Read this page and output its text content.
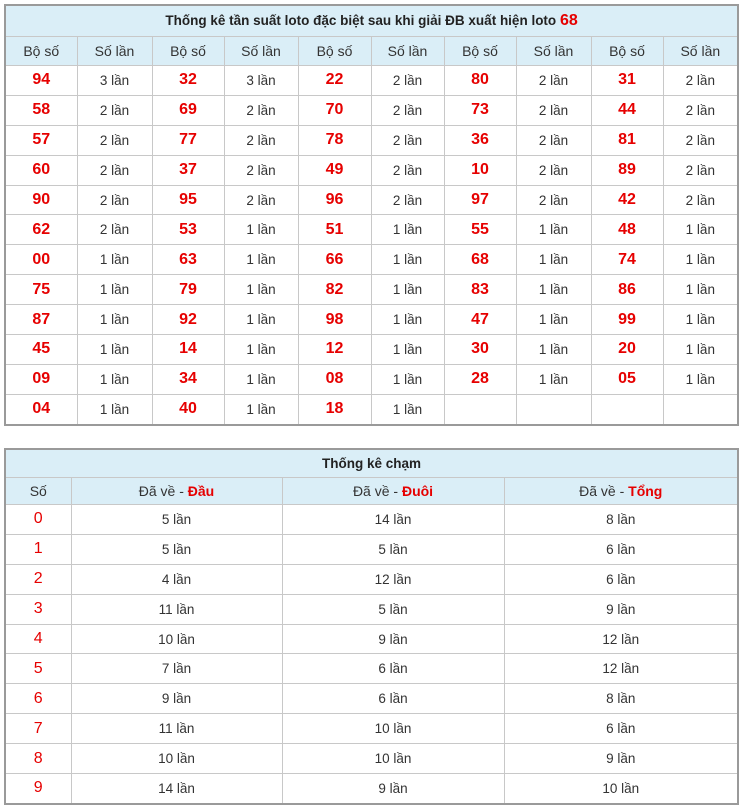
Thống kê tần suất loto đặc biệt sau khi giải ĐB xuất hiện loto 68									
Bộ số	Số lần	Bộ số	Số lần	Bộ số	Số lần	Bộ số	Số lần	Bộ số	Số lần
94	3 lần	32	3 lần	22	2 lần	80	2 lần	31	2 lần
58	2 lần	69	2 lần	70	2 lần	73	2 lần	44	2 lần
57	2 lần	77	2 lần	78	2 lần	36	2 lần	81	2 lần
60	2 lần	37	2 lần	49	2 lần	10	2 lần	89	2 lần
90	2 lần	95	2 lần	96	2 lần	97	2 lần	42	2 lần
62	2 lần	53	1 lần	51	1 lần	55	1 lần	48	1 lần
00	1 lần	63	1 lần	66	1 lần	68	1 lần	74	1 lần
75	1 lần	79	1 lần	82	1 lần	83	1 lần	86	1 lần
87	1 lần	92	1 lần	98	1 lần	47	1 lần	99	1 lần
45	1 lần	14	1 lần	12	1 lần	30	1 lần	20	1 lần
09	1 lần	34	1 lần	08	1 lần	28	1 lần	05	1 lần
04	1 lần	40	1 lần	18	1 lần				
Thống kê chạm			
Số	Đã về - Đầu	Đã về - Đuôi	Đã về - Tổng
0	5 lần	14 lần	8 lần
1	5 lần	5 lần	6 lần
2	4 lần	12 lần	6 lần
3	11 lần	5 lần	9 lần
4	10 lần	9 lần	12 lần
5	7 lần	6 lần	12 lần
6	9 lần	6 lần	8 lần
7	11 lần	10 lần	6 lần
8	10 lần	10 lần	9 lần
9	14 lần	9 lần	10 lần
